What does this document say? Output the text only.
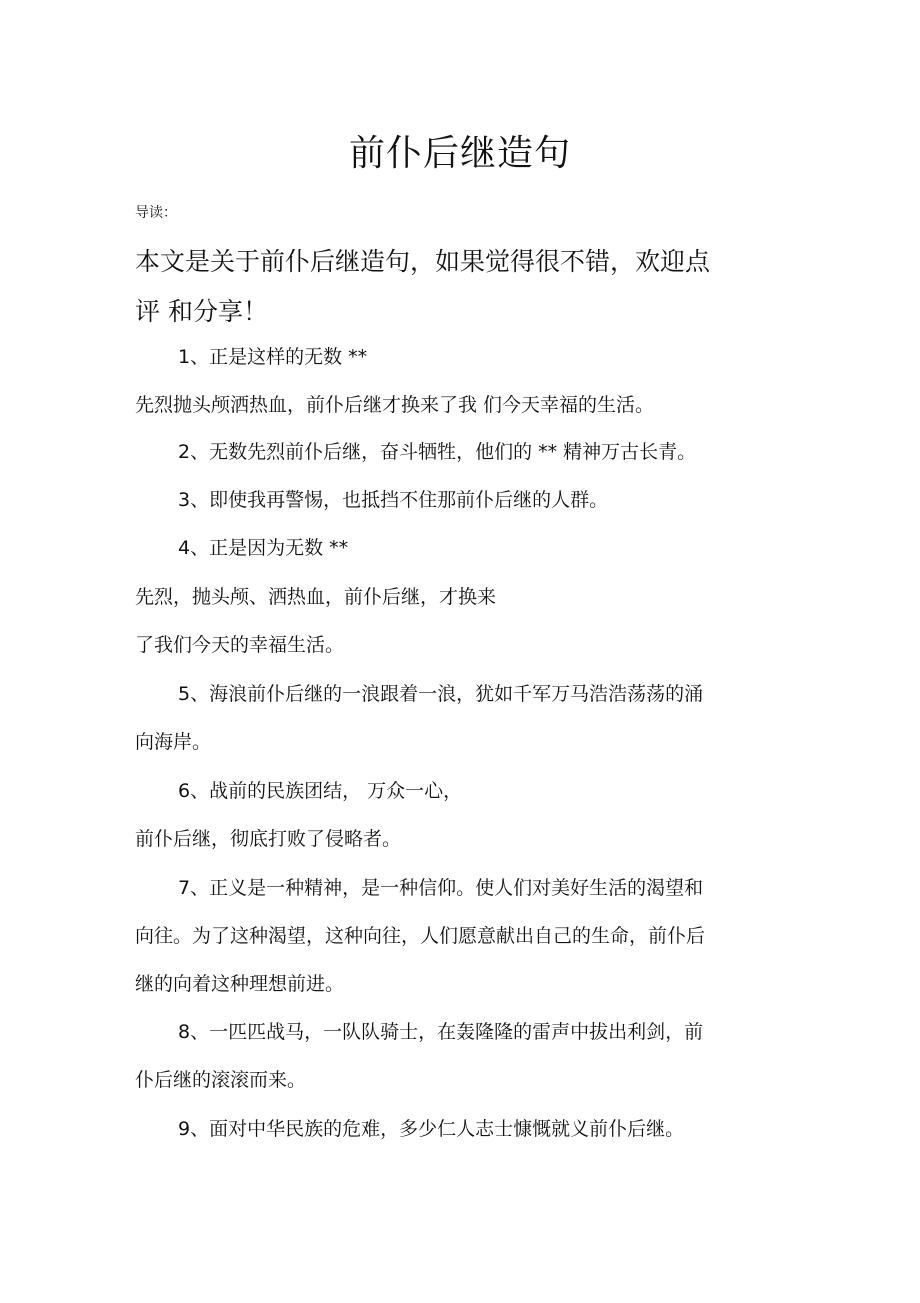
前仆后继造句
导读：
本文是关于前仆后继造句，如果觉得很不错，欢迎点
评 和分享！
1、正是这样的无数 **
先烈抛头颅洒热血，前仆后继才换来了我 们今天幸福的生活。
2、无数先烈前仆后继，奋斗牺牲，他们的 ** 精神万古长青。
3、即使我再警惕，也抵挡不住那前仆后继的人群。
4、正是因为无数 **
先烈，抛头颅、洒热血，前仆后继，才换来
了我们今天的幸福生活。
5、海浪前仆后继的一浪跟着一浪，犹如千军万马浩浩荡荡的涌
向海岸。
6、战前的民族团结， 万众一心，
前仆后继，彻底打败了侵略者。
7、正义是一种精神，是一种信仰。使人们对美好生活的渴望和
向往。为了这种渴望，这种向往，人们愿意献出自己的生命，前仆后
继的向着这种理想前进。
8、一匹匹战马，一队队骑士，在轰隆隆的雷声中拔出利剑，前
仆后继的滚滚而来。
9、面对中华民族的危难，多少仁人志士慷慨就义前仆后继。
